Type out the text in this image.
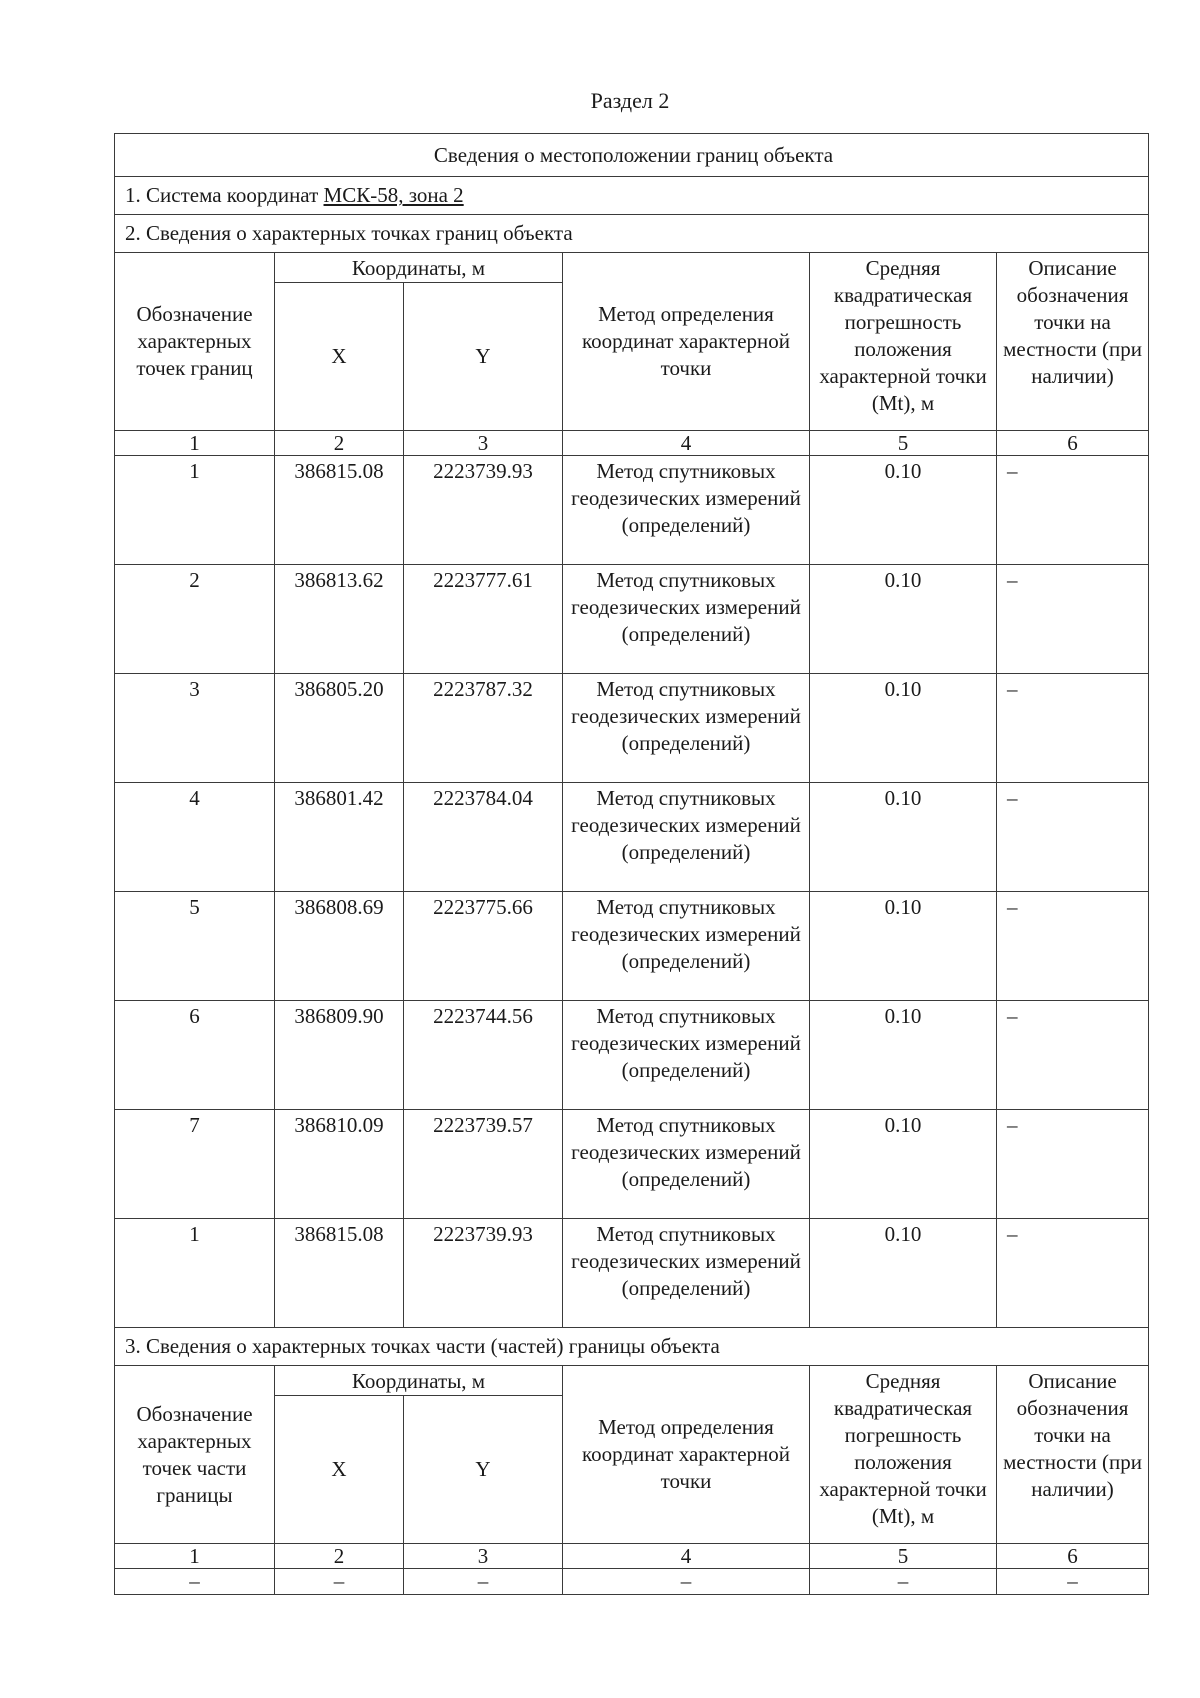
Раздел 2
Сведения о местоположении границ объекта					
1. Система координат МСК-58, зона 2					
2. Сведения о характерных точках границ объекта					
Обозначение характерных точек границ	Координаты, м		Метод определения координат характерной точки	Средняя квадратическая погрешность положения характерной точки (Mt), м	Описание обозначения точки на местности (при наличии)
	X	Y			
1	2	3	4	5	6
1	386815.08	2223739.93	Метод спутниковых геодезических измерений (определений)	0.10	–
2	386813.62	2223777.61	Метод спутниковых геодезических измерений (определений)	0.10	–
3	386805.20	2223787.32	Метод спутниковых геодезических измерений (определений)	0.10	–
4	386801.42	2223784.04	Метод спутниковых геодезических измерений (определений)	0.10	–
5	386808.69	2223775.66	Метод спутниковых геодезических измерений (определений)	0.10	–
6	386809.90	2223744.56	Метод спутниковых геодезических измерений (определений)	0.10	–
7	386810.09	2223739.57	Метод спутниковых геодезических измерений (определений)	0.10	–
1	386815.08	2223739.93	Метод спутниковых геодезических измерений (определений)	0.10	–
3. Сведения о характерных точках части (частей) границы объекта					
Обозначение характерных точек части границы	Координаты, м		Метод определения координат характерной точки	Средняя квадратическая погрешность положения характерной точки (Mt), м	Описание обозначения точки на местности (при наличии)
	X	Y			
1	2	3	4	5	6
–	–	–	–	–	–
